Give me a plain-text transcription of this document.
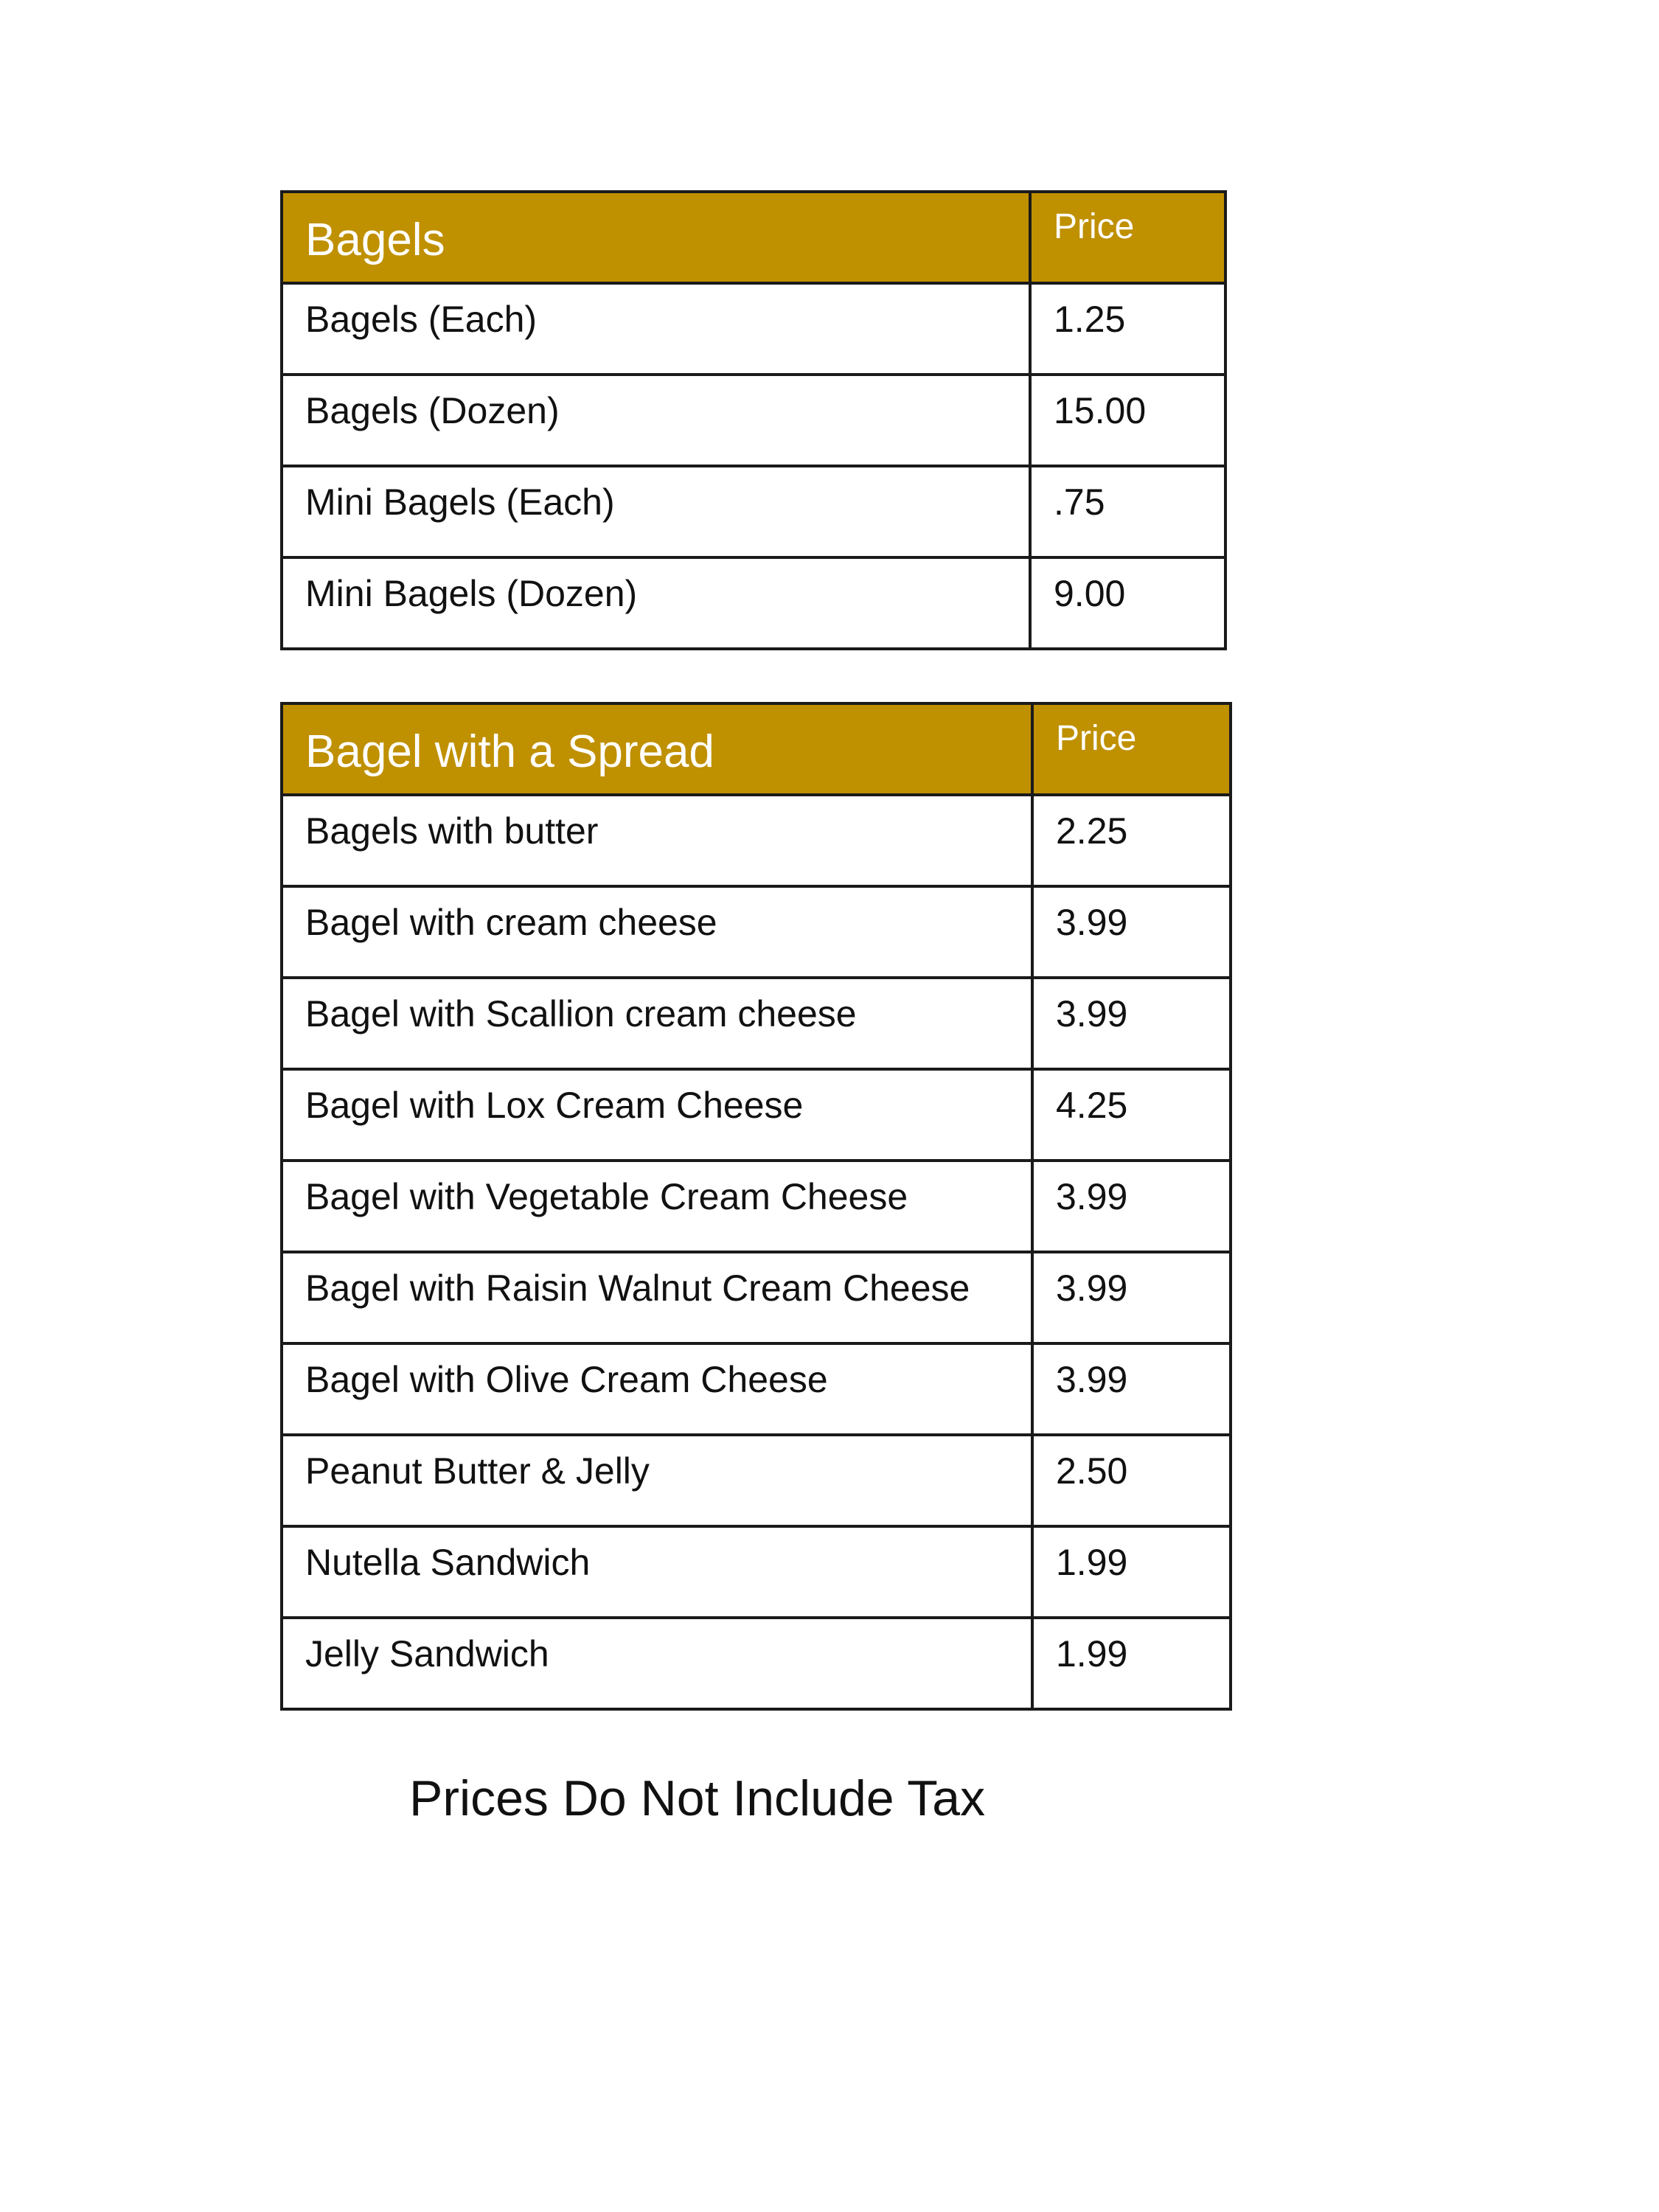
Bagels	Price

Bagels (Each)	1.25

Bagels (Dozen)	15.00

Mini Bagels (Each)	.75

Mini Bagels (Dozen)	9.00
Bagel with a Spread	Price

Bagels with butter	2.25

Bagel with cream cheese	3.99

Bagel with Scallion cream cheese	3.99

Bagel with Lox Cream Cheese	4.25

Bagel with Vegetable Cream Cheese	3.99

Bagel with Raisin Walnut Cream Cheese	3.99

Bagel with Olive Cream Cheese	3.99

Peanut Butter & Jelly	2.50

Nutella Sandwich	1.99

Jelly Sandwich	1.99
Prices Do Not Include Tax
